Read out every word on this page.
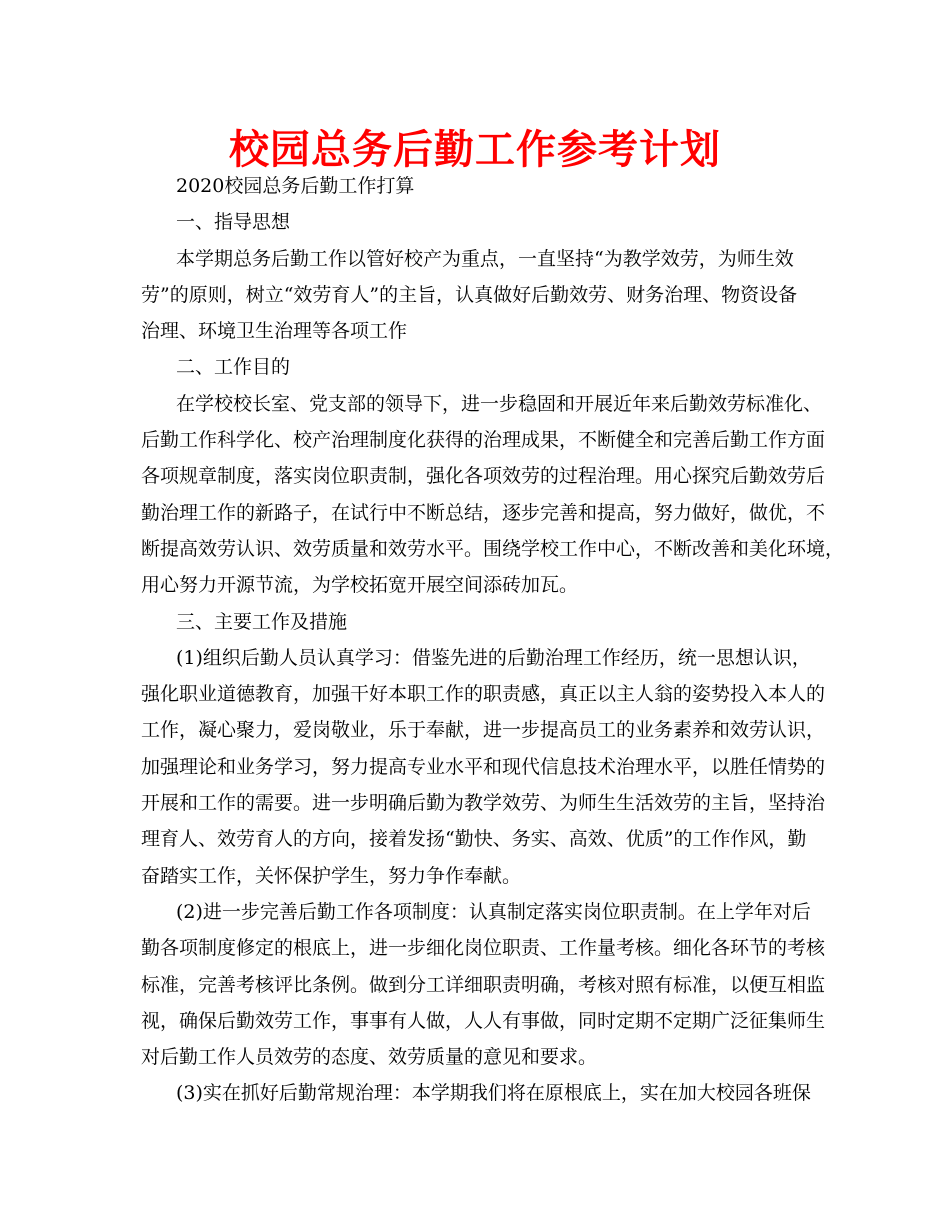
校园总务后勤工作参考计划
2020校园总务后勤工作打算
一、指导思想
本学期总务后勤工作以管好校产为重点，一直坚持“为教学效劳，为师生效
劳”的原则，树立“效劳育人”的主旨，认真做好后勤效劳、财务治理、物资设备
治理、环境卫生治理等各项工作
二、工作目的
在学校校长室、党支部的领导下，进一步稳固和开展近年来后勤效劳标准化、
后勤工作科学化、校产治理制度化获得的治理成果，不断健全和完善后勤工作方面
各项规章制度，落实岗位职责制，强化各项效劳的过程治理。用心探究后勤效劳后
勤治理工作的新路子，在试行中不断总结，逐步完善和提高，努力做好，做优，不
断提高效劳认识、效劳质量和效劳水平。围绕学校工作中心，不断改善和美化环境，
用心努力开源节流，为学校拓宽开展空间添砖加瓦。
三、主要工作及措施
(1)组织后勤人员认真学习：借鉴先进的后勤治理工作经历，统一思想认识，
强化职业道德教育，加强干好本职工作的职责感，真正以主人翁的姿势投入本人的
工作，凝心聚力，爱岗敬业，乐于奉献，进一步提高员工的业务素养和效劳认识，
加强理论和业务学习，努力提高专业水平和现代信息技术治理水平，以胜任情势的
开展和工作的需要。进一步明确后勤为教学效劳、为师生生活效劳的主旨，坚持治
理育人、效劳育人的方向，接着发扬“勤快、务实、高效、优质”的工作作风，勤
奋踏实工作，关怀保护学生，努力争作奉献。
(2)进一步完善后勤工作各项制度：认真制定落实岗位职责制。在上学年对后
勤各项制度修定的根底上，进一步细化岗位职责、工作量考核。细化各环节的考核
标准，完善考核评比条例。做到分工详细职责明确，考核对照有标准，以便互相监
视，确保后勤效劳工作，事事有人做，人人有事做，同时定期不定期广泛征集师生
对后勤工作人员效劳的态度、效劳质量的意见和要求。
(3)实在抓好后勤常规治理：本学期我们将在原根底上，实在加大校园各班保
